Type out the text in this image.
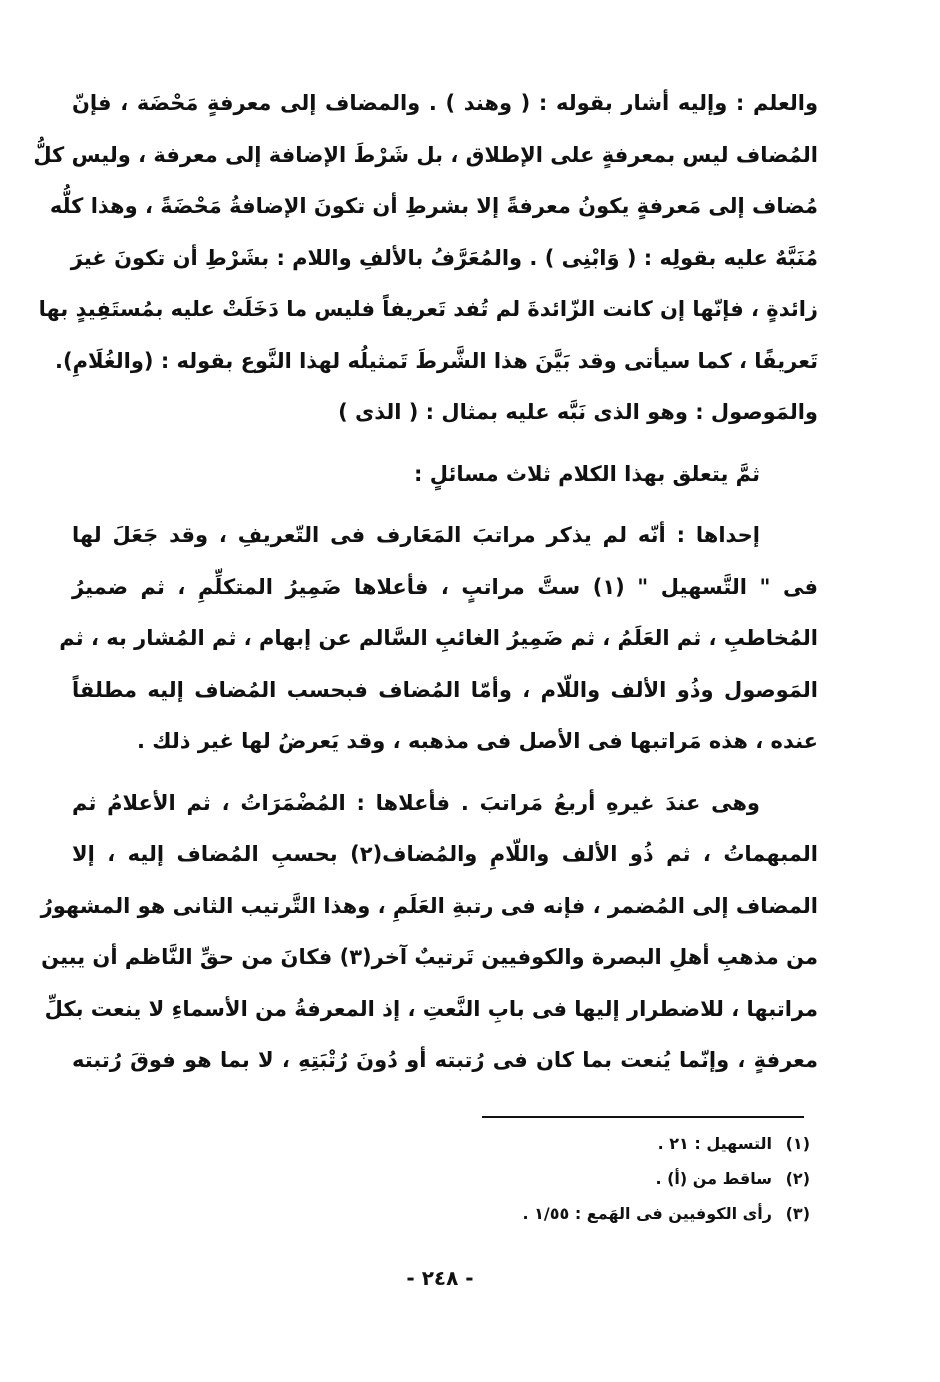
والعلم : وإليه أشار بقوله : ( وهند ) . والمضاف إلى معرفةٍ مَحْضَة ، فإنّ
المُضاف ليس بمعرفةٍ على الإطلاق ، بل شَرْطَ الإضافة إلى معرفة ، وليس كلُّ
مُضاف إلى مَعرفةٍ يكونُ معرفةً إلا بشرطِ أن تكونَ الإضافةُ مَحْضَةً ، وهذا كلُّه
مُنَبَّهٌ عليه بقولِه : ( وَابْنِى ) . والمُعَرَّفُ بالألفِ واللام : بشَرْطِ أن تكونَ غيرَ
زائدةٍ ، فإنّها إن كانت الزّائدةَ لم تُفد تَعريفاً فليس ما دَخَلَتْ عليه بمُستَفِيدٍ بها
تَعريفًا ، كما سيأتى وقد بَيَّنَ هذا الشَّرطَ تَمثيلُه لهذا النَّوع بقوله : (والغُلَامِ).
والمَوصول : وهو الذى نَبَّه عليه بمثال : ( الذى )
ثمَّ يتعلق بهذا الكلام ثلاث مسائلٍ :
إحداها : أنّه لم يذكر مراتبَ المَعَارف فى التّعريفِ ، وقد جَعَلَ لها
فى " التَّسهيل " (١) ستَّ مراتبٍ ، فأعلاها ضَمِيرُ المتكلِّمِ ، ثم ضميرُ
المُخاطبِ ، ثم العَلَمُ ، ثم ضَمِيرُ الغائبِ السَّالم عن إبهام ، ثم المُشار به ، ثم
المَوصول وذُو الألف واللّام ، وأمّا المُضاف فبحسب المُضاف إليه مطلقاً
عنده ، هذه مَراتبها فى الأصل فى مذهبه ، وقد يَعرضُ لها غير ذلك .
وهى عندَ غيرهِ أربعُ مَراتبَ . فأعلاها : المُضْمَرَاتُ ، ثم الأعلامُ ثم
المبهماتُ ، ثم ذُو الألف واللّامِ والمُضاف(٢) بحسبِ المُضاف إليه ، إلا
المضاف إلى المُضمر ، فإنه فى رتبةِ العَلَمِ ، وهذا التَّرتيب الثانى هو المشهورُ
من مذهبِ أهلِ البصرة والكوفيين تَرتيبٌ آخر(٣) فكانَ من حقِّ النَّاظم أن يبين
مراتبها ، للاضطرار إليها فى بابِ النَّعتِ ، إذ المعرفةُ من الأسماءِ لا ينعت بكلِّ
معرفةٍ ، وإنّما يُنعت بما كان فى رُتبته أو دُونَ رُتْبَتِهِ ، لا بما هو فوقَ رُتبته
(١)
التسهيل : ٢١ .
(٢)
ساقط من (أ) .
(٣)
رأى الكوفيين فى الهَمع : ١/٥٥ .
- ٢٤٨ -
